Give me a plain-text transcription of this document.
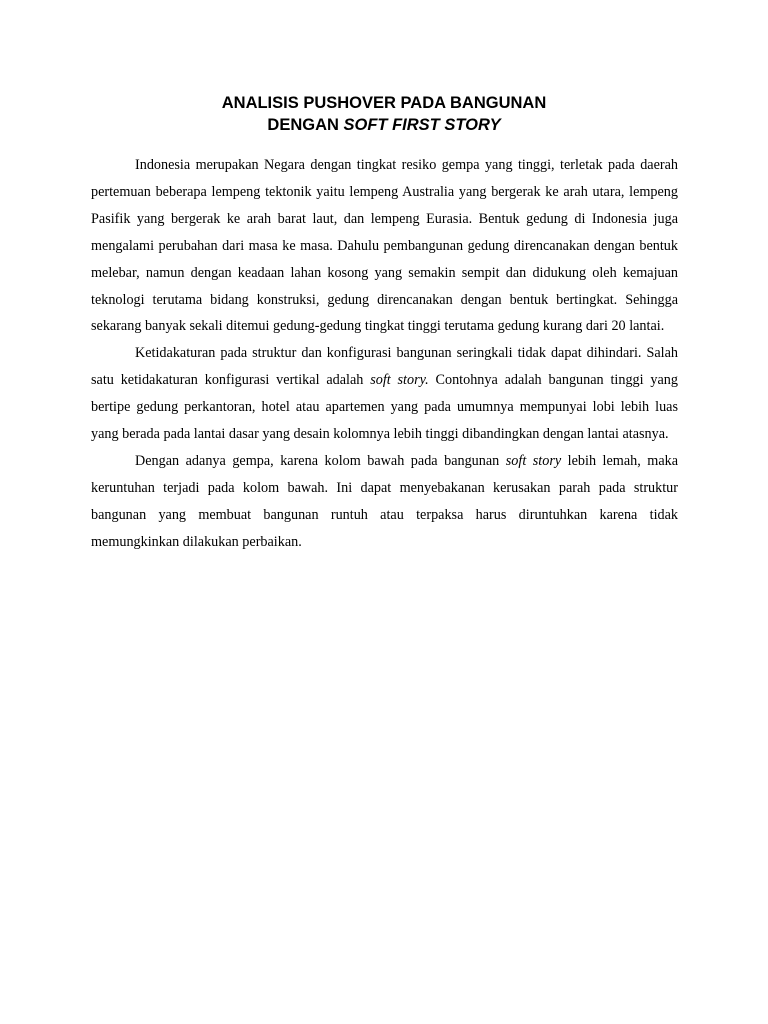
ANALISIS PUSHOVER PADA BANGUNAN
DENGAN SOFT FIRST STORY

Indonesia merupakan Negara dengan tingkat resiko gempa yang tinggi, terletak pada daerah pertemuan beberapa lempeng tektonik yaitu lempeng Australia yang bergerak ke arah utara, lempeng Pasifik yang bergerak ke arah barat laut, dan lempeng Eurasia. Bentuk gedung di Indonesia juga mengalami perubahan dari masa ke masa. Dahulu pembangunan gedung direncanakan dengan bentuk melebar, namun dengan keadaan lahan kosong yang semakin sempit dan didukung oleh kemajuan teknologi terutama bidang konstruksi, gedung direncanakan dengan bentuk bertingkat. Sehingga sekarang banyak sekali ditemui gedung-gedung tingkat tinggi terutama gedung kurang dari 20 lantai.

Ketidakaturan pada struktur dan konfigurasi bangunan seringkali tidak dapat dihindari. Salah satu ketidakaturan konfigurasi vertikal adalah soft story. Contohnya adalah bangunan tinggi yang bertipe gedung perkantoran, hotel atau apartemen yang pada umumnya mempunyai lobi lebih luas yang berada pada lantai dasar yang desain kolomnya lebih tinggi dibandingkan dengan lantai atasnya.

Dengan adanya gempa, karena kolom bawah pada bangunan soft story lebih lemah, maka keruntuhan terjadi pada kolom bawah. Ini dapat menyebakanan kerusakan parah pada struktur bangunan yang membuat bangunan runtuh atau terpaksa harus diruntuhkan karena tidak memungkinkan dilakukan perbaikan.
